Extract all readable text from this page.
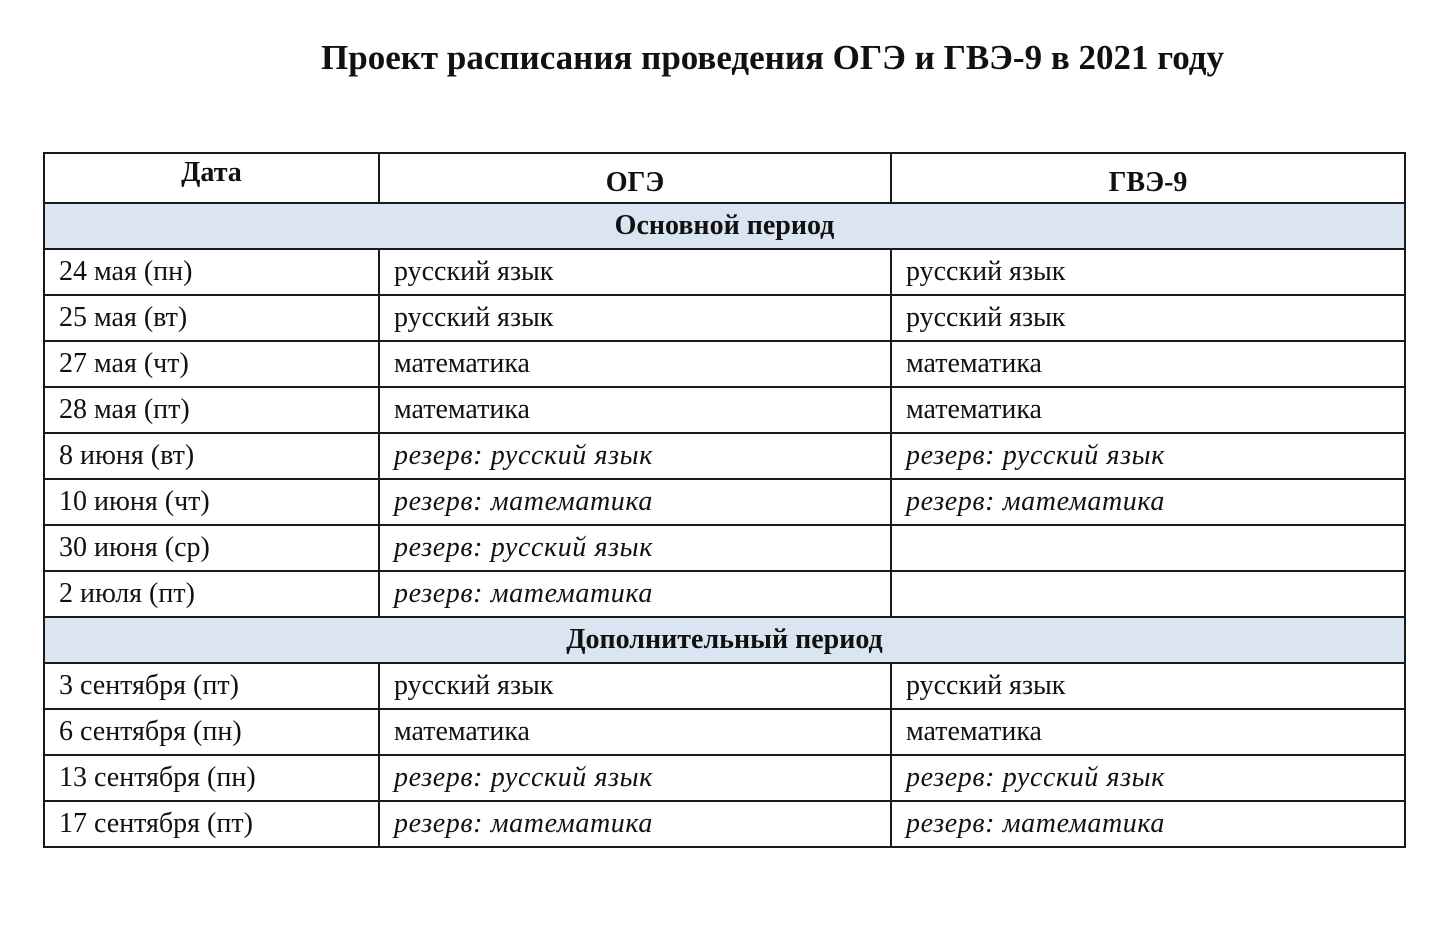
Проект расписания проведения ОГЭ и ГВЭ-9 в 2021 году
Дата	ОГЭ	ГВЭ-9
Основной период		
24 мая (пн)	русский язык	русский язык
25 мая (вт)	русский язык	русский язык
27 мая (чт)	математика	математика
28 мая (пт)	математика	математика
8 июня (вт)	резерв: русский язык	резерв: русский язык
10 июня (чт)	резерв: математика	резерв: математика
30 июня (ср)	резерв: русский язык	
2 июля (пт)	резерв: математика	
Дополнительный период		
3 сентября (пт)	русский язык	русский язык
6 сентября (пн)	математика	математика
13 сентября (пн)	резерв: русский язык	резерв: русский язык
17 сентября (пт)	резерв: математика	резерв: математика
